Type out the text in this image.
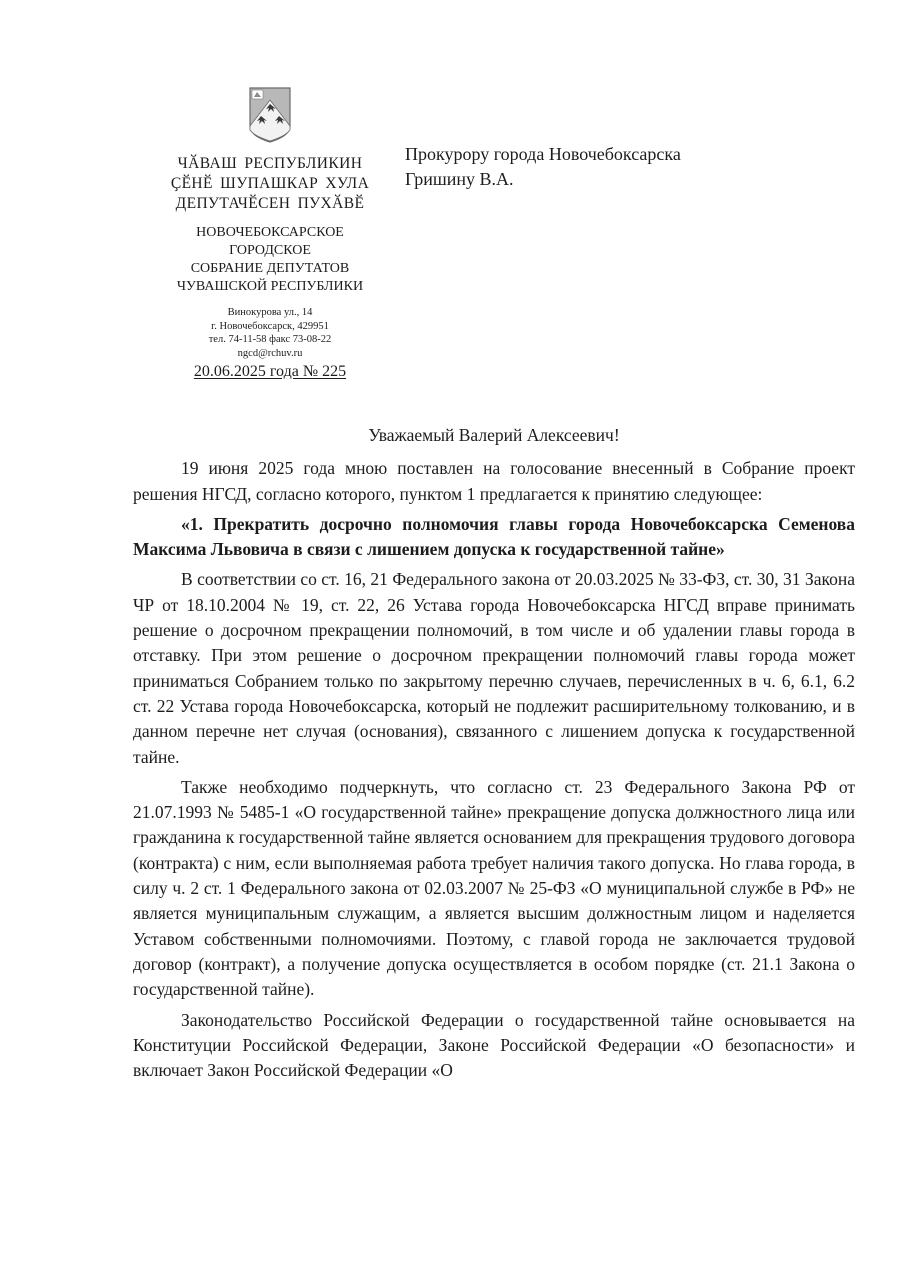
ЧӐВАШ РЕСПУБЛИКИН
ҪӖНӖ ШУПАШКАР ХУЛА
ДЕПУТАЧӖСЕН ПУХӐВӖ
НОВОЧЕБОКСАРСКОЕ
ГОРОДСКОЕ
СОБРАНИЕ ДЕПУТАТОВ
ЧУВАШСКОЙ РЕСПУБЛИКИ
Винокурова ул., 14
г. Новочебоксарск, 429951
тел. 74-11-58 факс 73-08-22
ngcd@rchuv.ru
20.06.2025 года № 225
Прокурору города Новочебоксарска
Гришину В.А.

Уважаемый Валерий Алексеевич!

19 июня 2025 года мною поставлен на голосование внесенный в Собрание проект решения НГСД, согласно которого, пунктом 1 предлагается к принятию следующее:

«1. Прекратить досрочно полномочия главы города Новочебоксарска Семенова Максима Львовича в связи с лишением допуска к государственной тайне»

В соответствии со ст. 16, 21 Федерального закона от 20.03.2025 № 33-ФЗ, ст. 30, 31 Закона ЧР от 18.10.2004 № 19, ст. 22, 26 Устава города Новочебоксарска НГСД вправе принимать решение о досрочном прекращении полномочий, в том числе и об удалении главы города в отставку. При этом решение о досрочном прекращении полномочий главы города может приниматься Собранием только по закрытому перечню случаев, перечисленных в ч. 6, 6.1, 6.2 ст. 22 Устава города Новочебоксарска, который не подлежит расширительному толкованию, и в данном перечне нет случая (основания), связанного с лишением допуска к государственной тайне.

Также необходимо подчеркнуть, что согласно ст. 23 Федерального Закона РФ от 21.07.1993 № 5485-1 «О государственной тайне» прекращение допуска должностного лица или гражданина к государственной тайне является основанием для прекращения трудового договора (контракта) с ним, если выполняемая работа требует наличия такого допуска. Но глава города, в силу ч. 2 ст. 1 Федерального закона от 02.03.2007 № 25-ФЗ «О муниципальной службе в РФ» не является муниципальным служащим, а является высшим должностным лицом и наделяется Уставом собственными полномочиями. Поэтому, с главой города не заключается трудовой договор (контракт), а получение допуска осуществляется в особом порядке (ст. 21.1 Закона о государственной тайне).

Законодательство Российской Федерации о государственной тайне основывается на Конституции Российской Федерации, Законе Российской Федерации «О безопасности» и включает Закон Российской Федерации «О
